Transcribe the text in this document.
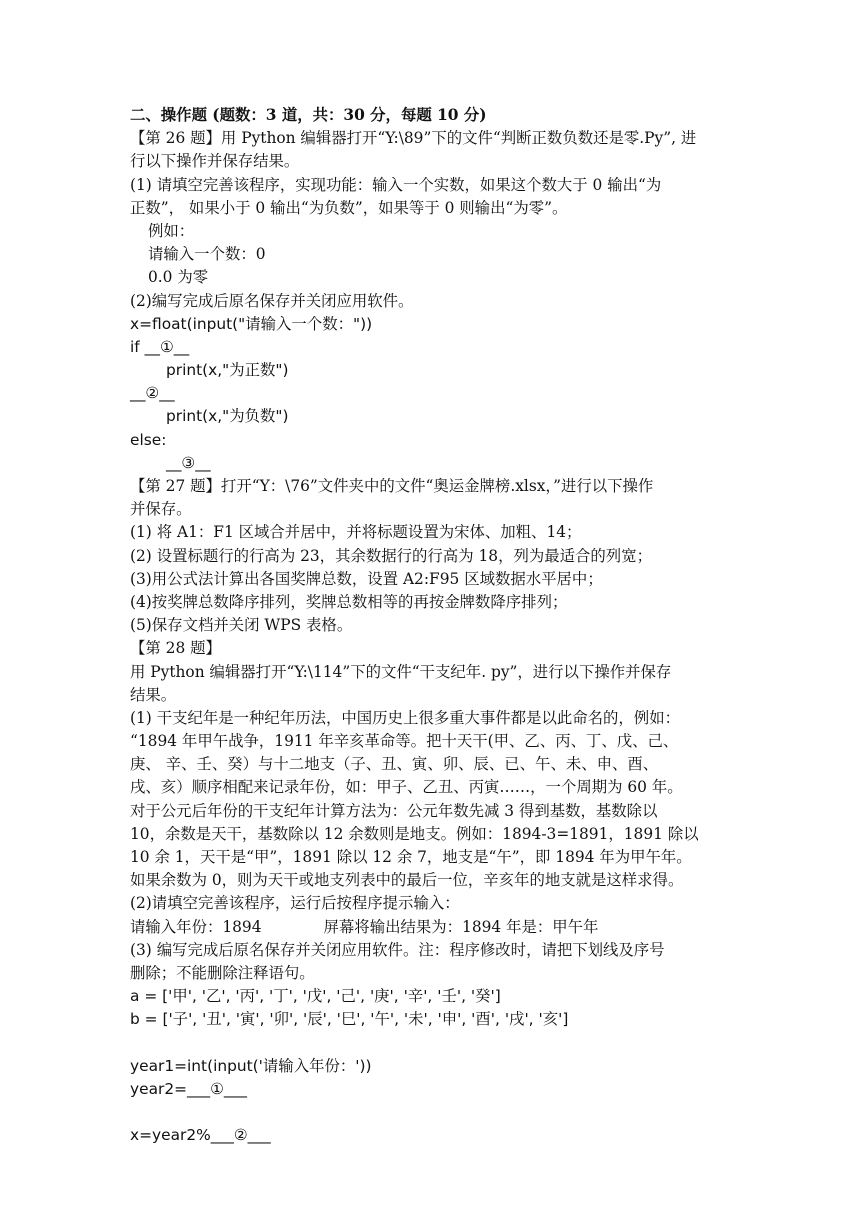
二、操作题 (题数：3 道，共：30 分，每题 10 分)
【第 26 题】用 Python 编辑器打开“Y:\89”下的文件“判断正数负数还是零.Py”, 进
行以下操作并保存结果。
(1) 请填空完善该程序，实现功能：输入一个实数，如果这个数大于 0 输出“为
正数”， 如果小于 0 输出“为负数”，如果等于 0 则输出“为零”。
例如：
请输入一个数：0
0.0 为零
(2)编写完成后原名保存并关闭应用软件。
x=float(input("请输入一个数："))
if __①__
print(x,"为正数")
__②__
print(x,"为负数")
else:
__③__
【第 27 题】打开“Y：\76”文件夹中的文件“奥运金牌榜.xlsx，”进行以下操作
并保存。
(1) 将 A1：F1 区域合并居中，并将标题设置为宋体、加粗、14；
(2) 设置标题行的行高为 23，其余数据行的行高为 18，列为最适合的列宽；
(3)用公式法计算出各国奖牌总数，设置 A2:F95 区域数据水平居中；
(4)按奖牌总数降序排列，奖牌总数相等的再按金牌数降序排列；
(5)保存文档并关闭 WPS 表格。
【第 28 题】
用 Python 编辑器打开“Y:\114”下的文件“干支纪年. py”，进行以下操作并保存
结果。
(1) 干支纪年是一种纪年历法，中国历史上很多重大事件都是以此命名的，例如：
“1894 年甲午战争，1911 年辛亥革命等。把十天干(甲、乙、丙、丁、戊、己、
庚、 辛、壬、癸）与十二地支（子、丑、寅、卯、辰、已、午、未、申、酉、
戌、亥）顺序相配来记录年份，如：甲子、乙丑、丙寅……，一个周期为 60 年。
对于公元后年份的干支纪年计算方法为：公元年数先减 3 得到基数，基数除以
10，余数是天干，基数除以 12 余数则是地支。例如：1894-3=1891，1891 除以
10 余 1，天干是“甲”，1891 除以 12 余 7，地支是“午”，即 1894 年为甲午年。
如果余数为 0，则为天干或地支列表中的最后一位，辛亥年的地支就是这样求得。
(2)请填空完善该程序，运行后按程序提示输入：
请输入年份：1894	屏幕将输出结果为：1894 年是：甲午年
(3) 编写完成后原名保存并关闭应用软件。注：程序修改时，请把下划线及序号
删除；不能删除注释语句。
a = ['甲', '乙', '丙', '丁', '戊', '己', '庚', '辛', '壬', '癸']
b = ['子', '丑', '寅', '卯', '辰', '巳', '午', '未', '申', '酉', '戌', '亥']
year1=int(input('请输入年份：'))
year2=___①___
x=year2%___②___
